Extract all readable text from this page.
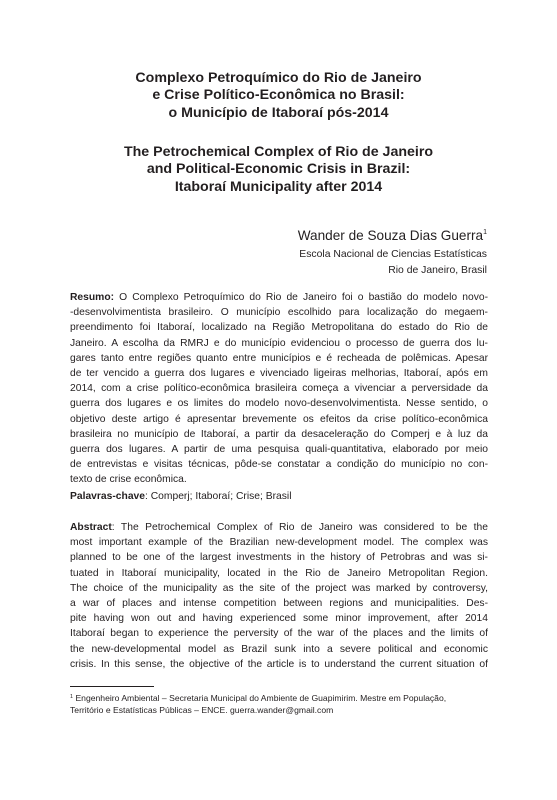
Complexo Petroquímico do Rio de Janeiro
e Crise Político-Econômica no Brasil:
o Município de Itaboraí pós-2014
The Petrochemical Complex of Rio de Janeiro
and Political-Economic Crisis in Brazil:
Itaboraí Municipality after 2014
Wander de Souza Dias Guerra$^1$
Escola Nacional de Ciencias Estatísticas
Rio de Janeiro, Brasil
Resumo: O Complexo Petroquímico do Rio de Janeiro foi o bastião do modelo novo-
-desenvolvimentista brasileiro. O município escolhido para localização do megaem-
preendimento foi Itaboraí, localizado na Região Metropolitana do estado do Rio de
Janeiro. A escolha da RMRJ e do município evidenciou o processo de guerra dos lu-
gares tanto entre regiões quanto entre municípios e é recheada de polêmicas. Apesar
de ter vencido a guerra dos lugares e vivenciado ligeiras melhorias, Itaboraí, após em
2014, com a crise político-econômica brasileira começa a vivenciar a perversidade da
guerra dos lugares e os limites do modelo novo-desenvolvimentista. Nesse sentido, o
objetivo deste artigo é apresentar brevemente os efeitos da crise político-econômica
brasileira no município de Itaboraí, a partir da desaceleração do Comperj e à luz da
guerra dos lugares. A partir de uma pesquisa quali-quantitativa, elaborado por meio
de entrevistas e visitas técnicas, pôde-se constatar a condição do município no con-
texto de crise econômica.
Palavras-chave: Comperj; Itaboraí; Crise; Brasil
Abstract: The Petrochemical Complex of Rio de Janeiro was considered to be the
most important example of the Brazilian new-development model. The complex was
planned to be one of the largest investments in the history of Petrobras and was si-
tuated in Itaboraí municipality, located in the Rio de Janeiro Metropolitan Region.
The choice of the municipality as the site of the project was marked by controversy,
a war of places and intense competition between regions and municipalities. Des-
pite having won out and having experienced some minor improvement, after 2014
Itaboraí began to experience the perversity of the war of the places and the limits of
the new-developmental model as Brazil sunk into a severe political and economic
crisis. In this sense, the objective of the article is to understand the current situation of
$^1$ Engenheiro Ambiental – Secretaria Municipal do Ambiente de Guapimirim. Mestre em População,
Território e Estatísticas Públicas – ENCE. guerra.wander@gmail.com
